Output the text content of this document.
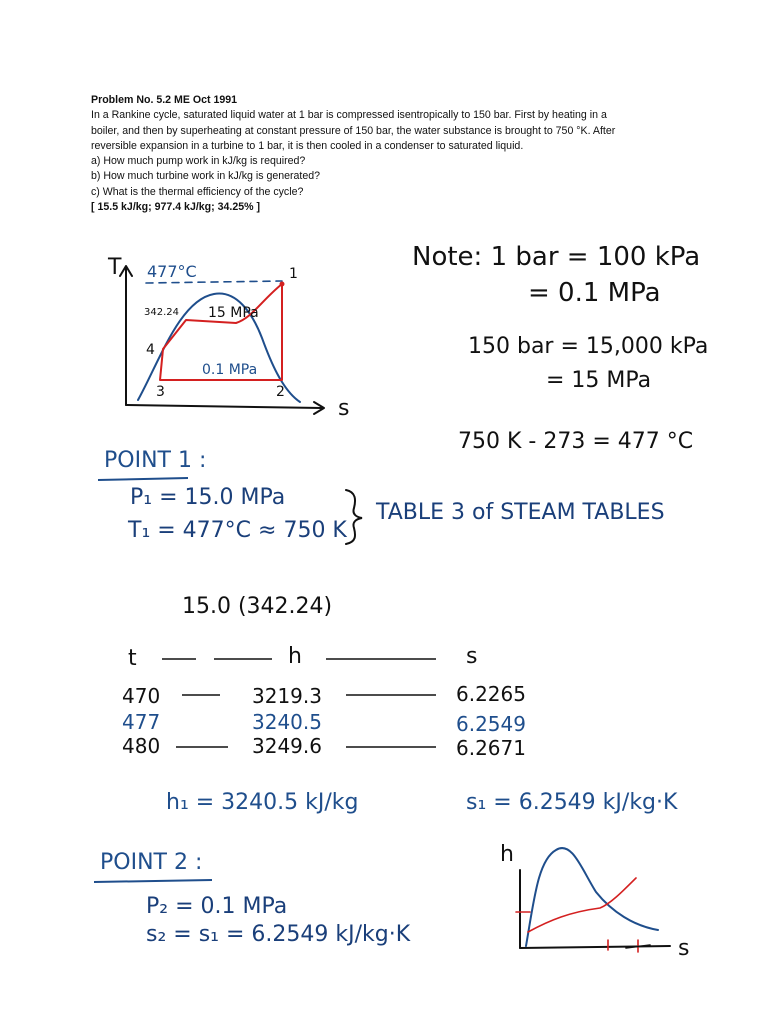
Problem No. 5.2 ME Oct 1991
In a Rankine cycle, saturated liquid water at 1 bar is compressed isentropically to 150 bar. First by heating in a
boiler, and then by superheating at constant pressure of 150 bar, the water substance is brought to 750 °K. After
reversible expansion in a turbine to 1 bar, it is then cooled in a condenser to saturated liquid.
a) How much pump work in kJ/kg is required?
b) How much turbine work in kJ/kg is generated?
c) What is the thermal efficiency of the cycle?
[ 15.5 kJ/kg; 977.4 kJ/kg; 34.25% ]
T
s
477°C
342.24 15 MPa
0.1 MPa
1
2
3
4
Note: 1 bar = 100 kPa
= 0.1 MPa
150 bar = 15,000 kPa
= 15 MPa
750 K - 273 = 477 °C
POINT 1 :
P₁ = 15.0 MPa
T₁ = 477°C ≈ 750 K
TABLE 3 of STEAM TABLES
15.0 (342.24)
t	h	s
470	3219.3	6.2265
477	3240.5	6.2549
480	3249.6	6.2671
h₁ = 3240.5 kJ/kg	s₁ = 6.2549 kJ/kg·K
POINT 2 :
P₂ = 0.1 MPa
s₂ = s₁ = 6.2549 kJ/kg·K
h
s
